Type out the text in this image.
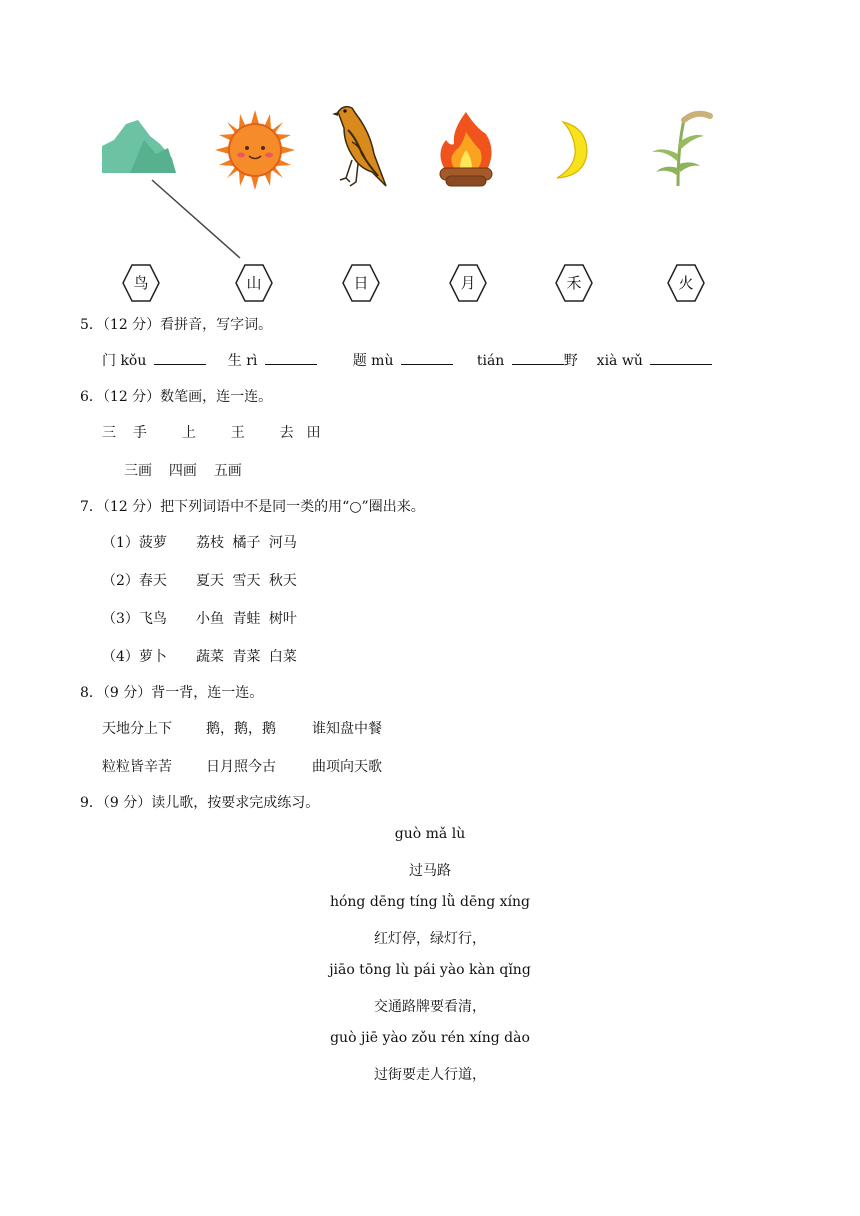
鸟	山	日	月	禾	火
5．（12 分）看拼音，写字词。
门 kǒu	生 rì	题 mù	tián	野 xià wǔ
6．（12 分）数笔画，连一连。
三 手 上 王 去 田
三画 四画 五画
7．（12 分）把下列词语中不是同一类的用“○”圈出来。
（1）菠萝 荔枝 橘子 河马
（2）春天 夏天 雪天 秋天
（3）飞鸟 小鱼 青蛙 树叶
（4）萝卜 蔬菜 青菜 白菜
8．（9 分）背一背，连一连。
天地分上下 鹅，鹅，鹅	谁知盘中餐
粒粒皆辛苦 日月照今古	曲项向天歌
9．（9 分）读儿歌，按要求完成练习。
guò mǎ lù
过马路
hóng dēng tíng lǜ dēng xíng
红灯停，绿灯行，
jiāo tōng lù pái yào kàn qǐng
交通路牌要看清，
guò jiē yào zǒu rén xíng dào
过街要走人行道，
